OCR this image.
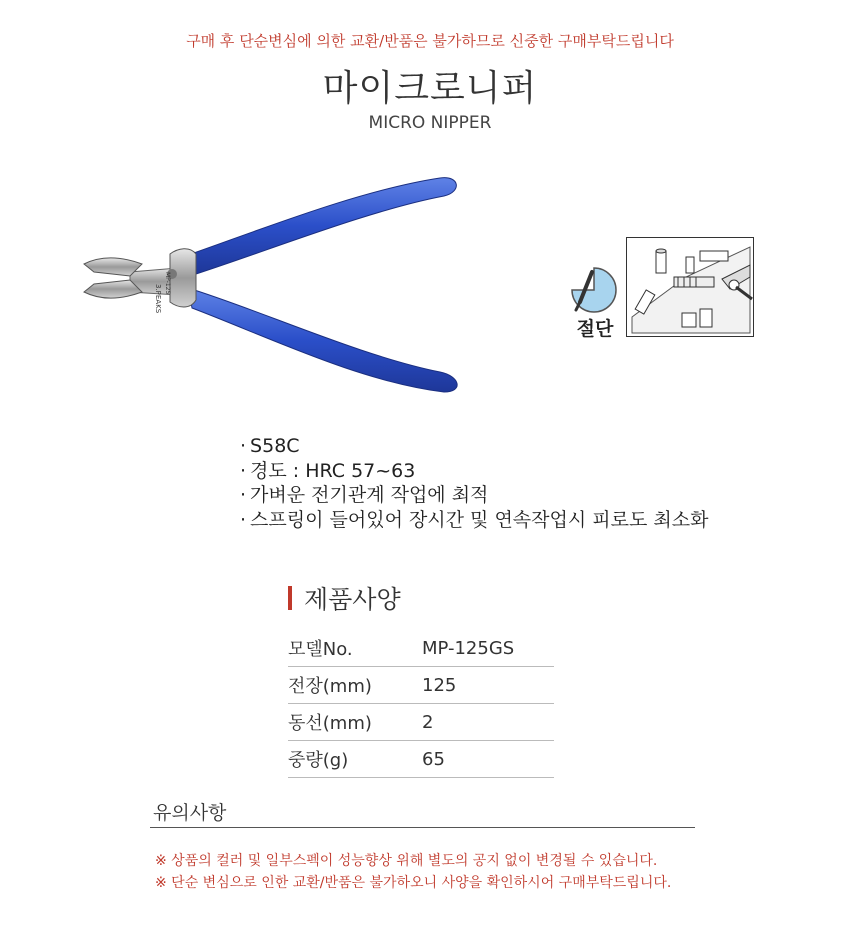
구매 후 단순변심에 의한 교환/반품은 불가하므로 신중한 구매부탁드립니다
마이크로니퍼
MICRO NIPPER
3.PEAKS
MP-125
절단
· S58C
· 경도 : HRC 57~63
· 가벼운 전기관계 작업에 최적
· 스프링이 들어있어 장시간 및 연속작업시 피로도 최소화
제품사양
모델No.	MP-125GS
전장(mm)	125
동선(mm)	2
중량(g)	65
유의사항
※ 상품의 컬러 및 일부스펙이 성능향상 위해 별도의 공지 없이 변경될 수 있습니다.
※ 단순 변심으로 인한 교환/반품은 불가하오니 사양을 확인하시어 구매부탁드립니다.
